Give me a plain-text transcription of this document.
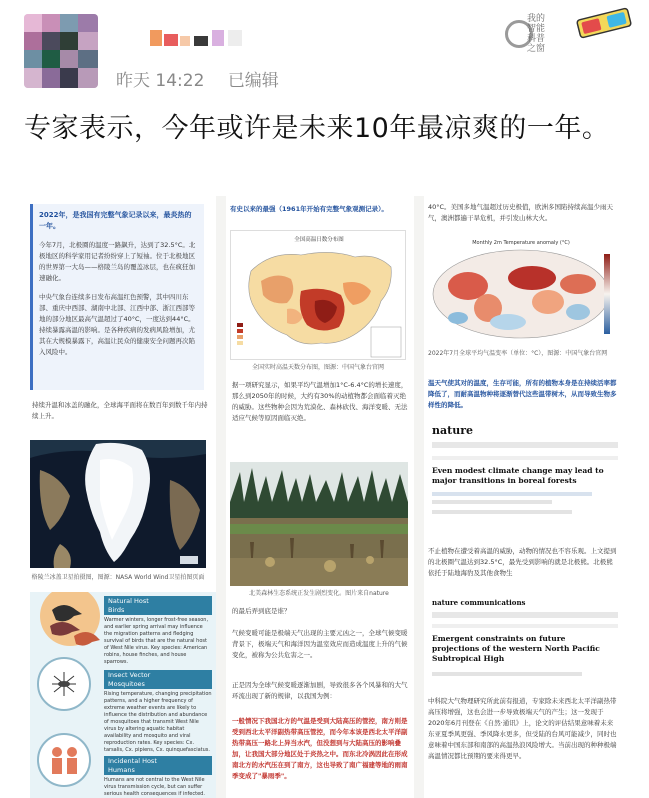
我的
智能
科普
之窗
昨天 14:22 已编辑
专家表示，今年或许是未来10年最凉爽的一年。
2022年，是我国有完整气象记录以来，最炎热的一年。
今年7月，北极圈的温度一路飙升，达到了32.5°C。北极地区的科学家用记者纷纷穿上了短袖。位于北极地区的世界第一大岛——格陵兰岛的覆盖冰层，也在疯狂加速融化。
中央气象台连续多日发布高温红色预警，其中四川东部、重庆中西部、湖南中北部、江西中部、浙江西部等地的部分地区最高气温超过了40°C，一度达到44°C。持续暴露高温的影响。是各种疾病的发病风险增加，尤其在大规模暴露下，高温让民众的健康安全问题再次陷入风险中。
持续升温和冰盖的融化，全球海平面将在数百年到数千年内持续上升。
格陵兰冰盖卫星拍摄图，图源：NASA World Wind卫星拍图页面
Natural Host
Birds
Warmer winters, longer frost-free season, and earlier spring arrival may influence the migration patterns and fledging survival of birds that are the natural host of West Nile virus. Key species: American robins, house finches, and house sparrows.
Insect Vector
Mosquitoes
Rising temperature, changing precipitation patterns, and a higher frequency of extreme weather events are likely to influence the distribution and abundance of mosquitoes that transmit West Nile virus by altering aquatic habitat availability and mosquito and viral reproduction rates. Key species: Cx. tarsalis, Cx. pipiens, Cx. quinquefasciatus.
Incidental Host
Humans
Humans are not central to the West Nile virus transmission cycle, but can suffer serious health consequences if infected.
有史以来的最强（1961年开始有完整气象观测记录）。
全国高温日数分布图
全国实时高温天数分布图，图源：中国气象台官网
据一项研究显示，如果平均气温增加1°C-6.4°C的增长速度，那么到2050年的时候，大约有30%的动植物都会面临着灭绝的威胁。这些物种会因为荒漠化、森林砍伐、海洋变暖、无法适应气候等原因面临灭绝。
北美森林生态系统正发生剧烈变化。图片来自nature
的最后弄到底是谁？
气候变暖可能是极端天气出现的主要元凶之一，全球气候变暖背景下，极端天气和海洋因为温室效应而造成温度上升的气候变化，被称为公共危害之一。
正是因为全球气候变暖逐渐加剧，导致很多各个风暴和的大气环流出现了新的规律，以我国为例：
一般情况下我国北方的气温是受到大陆高压的管控，南方则是受到西北太平洋副热带高压管控，而今年本该是西北太平洋副热带高压一路北上异当水汽，但没想到与大陆高压的影响叠加，让我国大部分地区处于炎热之中。而东北冷涡因此在形成南北方的水汽压在到了南方，这也导致了南广福建等地的雨南季变成了"暴雨季"。
40°C。美国多地气温超过历史极值，欧洲多国陷持续高温少雨天气，澳洲都遍干旱危机，并引发山林大火。
Monthly 2m Temperature anomaly (°C)
2022年7月全球平均气温变率（单位：°C），图源：中国气象台官网
温天气使其对的温度，生存可能，所有的植物本身是在持续活率都降低了，而耐高温物种将逐渐替代这些温带树木，从而导致生物多样性的降低。
nature
Even modest climate change may lead to major transitions in boreal forests
不止植物在遭受着高温的威胁，动物的情况也不容乐观。上文提到的北极圈气温达到32.5°C，最先受到影响的就是北极熊。北极熊依托于陆地海豹及其他食物生
nature communications
Emergent constraints on future projections of the western North Pacific Subtropical High
中科院大气物理研究所此前有报道，专家除未来西北太平洋副热带高压将增强，这也会进一步导致极端天气的产生；这一发现于2020年6月刊登在《自然·通讯》上，论文的评估结果意味着未来东亚夏季风更强、季风降水更多，但受陆的台风可能减少，同时也意味着中国东部和南部的高温热浪风险增大。当前出现的种种极端高温情况都比预期的要来得更早。
